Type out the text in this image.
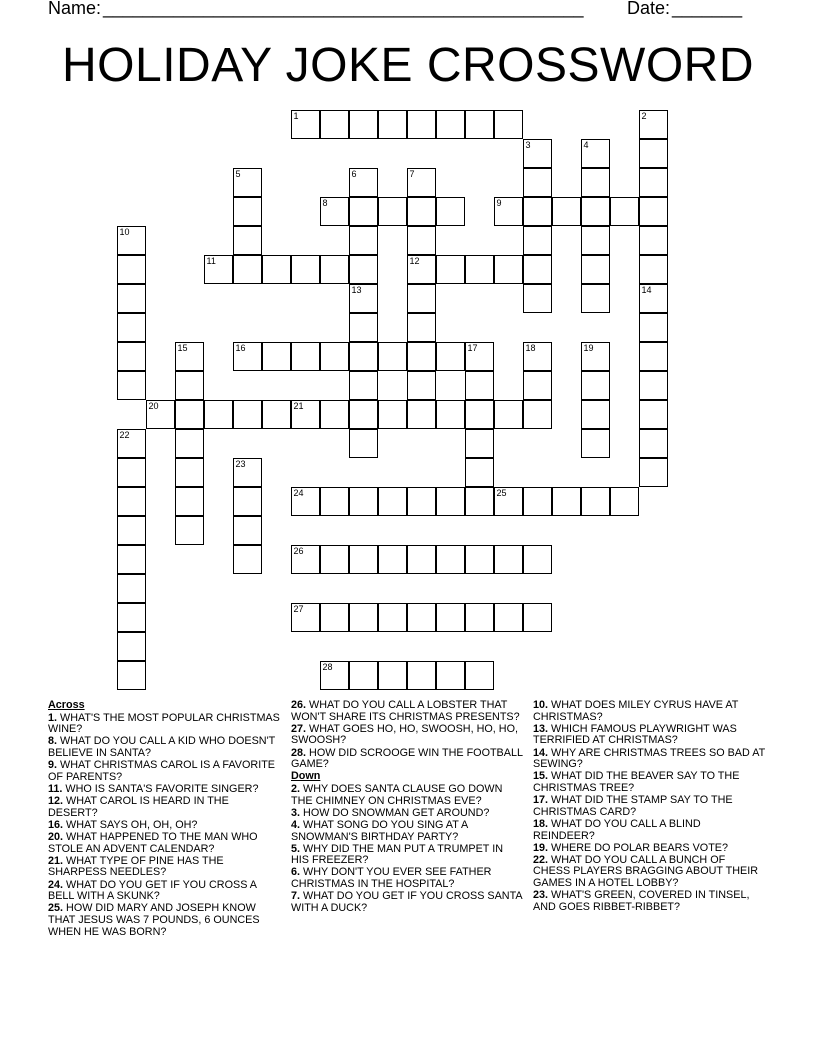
Name: ________________________________________________ Date: _______
HOLIDAY JOKE CROSSWORD
1
8	9
11	12
16	17
20	21
24	25
26
27
28
2
3	4
5	6	7
10
13	14
15	18	19
22
23
Across
1. WHAT'S THE MOST POPULAR CHRISTMAS WINE?
8. WHAT DO YOU CALL A KID WHO DOESN'T BELIEVE IN SANTA?
9. WHAT CHRISTMAS CAROL IS A FAVORITE OF PARENTS?
11. WHO IS SANTA'S FAVORITE SINGER?
12. WHAT CAROL IS HEARD IN THE DESERT?
16. WHAT SAYS OH, OH, OH?
20. WHAT HAPPENED TO THE MAN WHO STOLE AN ADVENT CALENDAR?
21. WHAT TYPE OF PINE HAS THE SHARPESS NEEDLES?
24. WHAT DO YOU GET IF YOU CROSS A BELL WITH A SKUNK?
25. HOW DID MARY AND JOSEPH KNOW THAT JESUS WAS 7 POUNDS, 6 OUNCES WHEN HE WAS BORN?
26. WHAT DO YOU CALL A LOBSTER THAT WON'T SHARE ITS CHRISTMAS PRESENTS?
27. WHAT GOES HO, HO, SWOOSH, HO, HO, SWOOSH?
28. HOW DID SCROOGE WIN THE FOOTBALL GAME?
Down
2. WHY DOES SANTA CLAUSE GO DOWN THE CHIMNEY ON CHRISTMAS EVE?
3. HOW DO SNOWMAN GET AROUND?
4. WHAT SONG DO YOU SING AT A SNOWMAN'S BIRTHDAY PARTY?
5. WHY DID THE MAN PUT A TRUMPET IN HIS FREEZER?
6. WHY DON'T YOU EVER SEE FATHER CHRISTMAS IN THE HOSPITAL?
7. WHAT DO YOU GET IF YOU CROSS SANTA WITH A DUCK?
10. WHAT DOES MILEY CYRUS HAVE AT CHRISTMAS?
13. WHICH FAMOUS PLAYWRIGHT WAS TERRIFIED AT CHRISTMAS?
14. WHY ARE CHRISTMAS TREES SO BAD AT SEWING?
15. WHAT DID THE BEAVER SAY TO THE CHRISTMAS TREE?
17. WHAT DID THE STAMP SAY TO THE CHRISTMAS CARD?
18. WHAT DO YOU CALL A BLIND REINDEER?
19. WHERE DO POLAR BEARS VOTE?
22. WHAT DO YOU CALL A BUNCH OF CHESS PLAYERS BRAGGING ABOUT THEIR GAMES IN A HOTEL LOBBY?
23. WHAT'S GREEN, COVERED IN TINSEL, AND GOES RIBBET-RIBBET?
